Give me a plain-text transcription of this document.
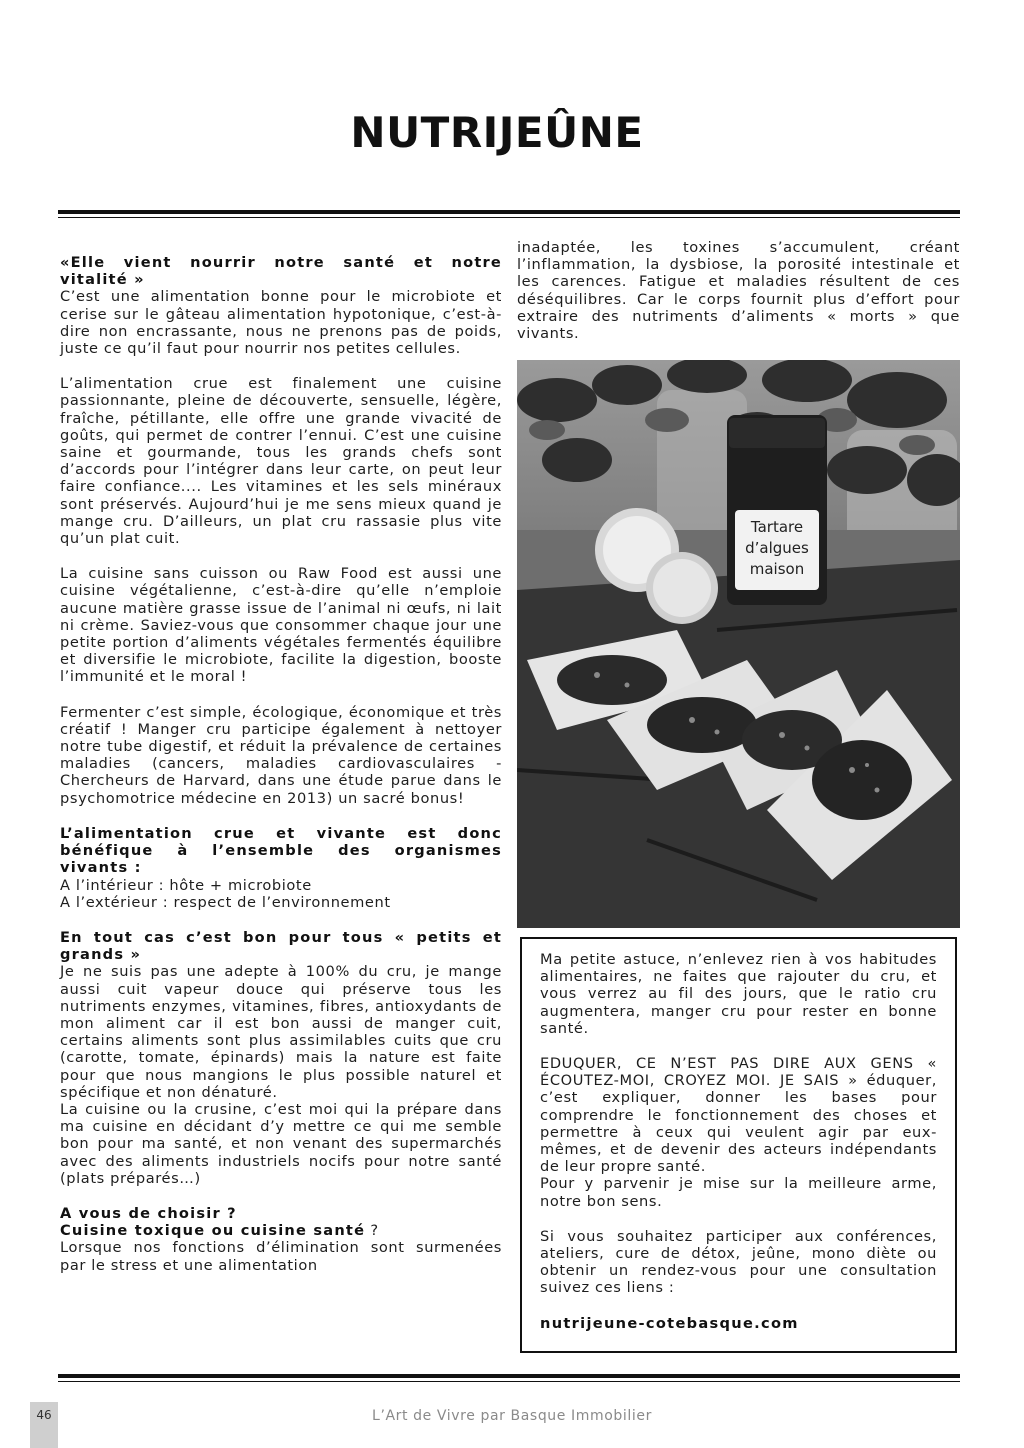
NUTRIJEÛNE
«Elle vient nourrir notre santé et notre vitalité »

C’est une alimentation bonne pour le microbiote et cerise sur le gâteau alimentation hypotonique, c’est-à-dire non encrassante, nous ne prenons pas de poids, juste ce qu’il faut pour nourrir nos petites cellules.

L’alimentation crue est finalement une cuisine passionnante, pleine de découverte, sensuelle, légère, fraîche, pétillante, elle offre une grande vivacité de goûts, qui permet de contrer l’ennui. C’est une cuisine saine et gourmande, tous les grands chefs sont d’accords pour l’intégrer dans leur carte, on peut leur faire confiance.... Les vitamines et les sels minéraux sont préservés. Aujourd’hui je me sens mieux quand je mange cru. D’ailleurs, un plat cru rassasie plus vite qu’un plat cuit.

La cuisine sans cuisson ou Raw Food est aussi une cuisine végétalienne, c’est-à-dire qu’elle n’emploie aucune matière grasse issue de l’animal ni œufs, ni lait ni crème. Saviez-vous que consommer chaque jour une petite portion d’aliments végétales fermentés équilibre et diversifie le microbiote, facilite la digestion, booste l’immunité et le moral !

Fermenter c’est simple, écologique, économique et très créatif ! Manger cru participe également à nettoyer notre tube digestif, et réduit la prévalence de certaines maladies (cancers, maladies cardiovasculaires - Chercheurs de Harvard, dans une étude parue dans le psychomotrice médecine en 2013) un sacré bonus!

L’alimentation crue et vivante est donc bénéfique à l’ensemble des organismes vivants :
A l’intérieur : hôte + microbiote

A l’extérieur : respect de l’environnement

En tout cas c’est bon pour tous « petits et grands »
Je ne suis pas une adepte à 100% du cru, je mange aussi cuit vapeur douce qui préserve tous les nutriments enzymes, vitamines, fibres, antioxydants de mon aliment car il est bon aussi de manger cuit, certains aliments sont plus assimilables cuits que cru (carotte, tomate, épinards) mais la nature est faite pour que nous mangions le plus possible naturel et spécifique et non dénaturé.

La cuisine ou la crusine, c’est moi qui la prépare dans ma cuisine en décidant d’y mettre ce qui me semble bon pour ma santé, et non venant des supermarchés avec des aliments industriels nocifs pour notre santé (plats préparés…)

A vous de choisir ?
Cuisine toxique ou cuisine santé ?
Lorsque nos fonctions d’élimination sont surmenées par le stress et une alimentation
inadaptée, les toxines s’accumulent, créant l’inflammation, la dysbiose, la porosité intestinale et les carences. Fatigue et maladies résultent de ces déséquilibres. Car le corps fournit plus d’effort pour extraire des nutriments d’aliments « morts » que vivants.
Tartare
d’algues
maison

Ma petite astuce, n’enlevez rien à vos habitudes alimentaires, ne faites que rajouter du cru, et vous verrez au fil des jours, que le ratio cru augmentera, manger cru pour rester en bonne santé.

EDUQUER, CE N’EST PAS DIRE AUX GENS « ÉCOUTEZ-MOI, CROYEZ MOI. JE SAIS » éduquer, c’est expliquer, donner les bases pour comprendre le fonctionnement des choses et permettre à ceux qui veulent agir par eux-mêmes, et de devenir des acteurs indépendants de leur propre santé.

Pour y parvenir je mise sur la meilleure arme, notre bon sens.

Si vous souhaitez participer aux conférences, ateliers, cure de détox, jeûne, mono diète ou obtenir un rendez-vous pour une consultation suivez ces liens :

nutrijeune-cotebasque.com
46	L’Art de Vivre par Basque Immobilier
